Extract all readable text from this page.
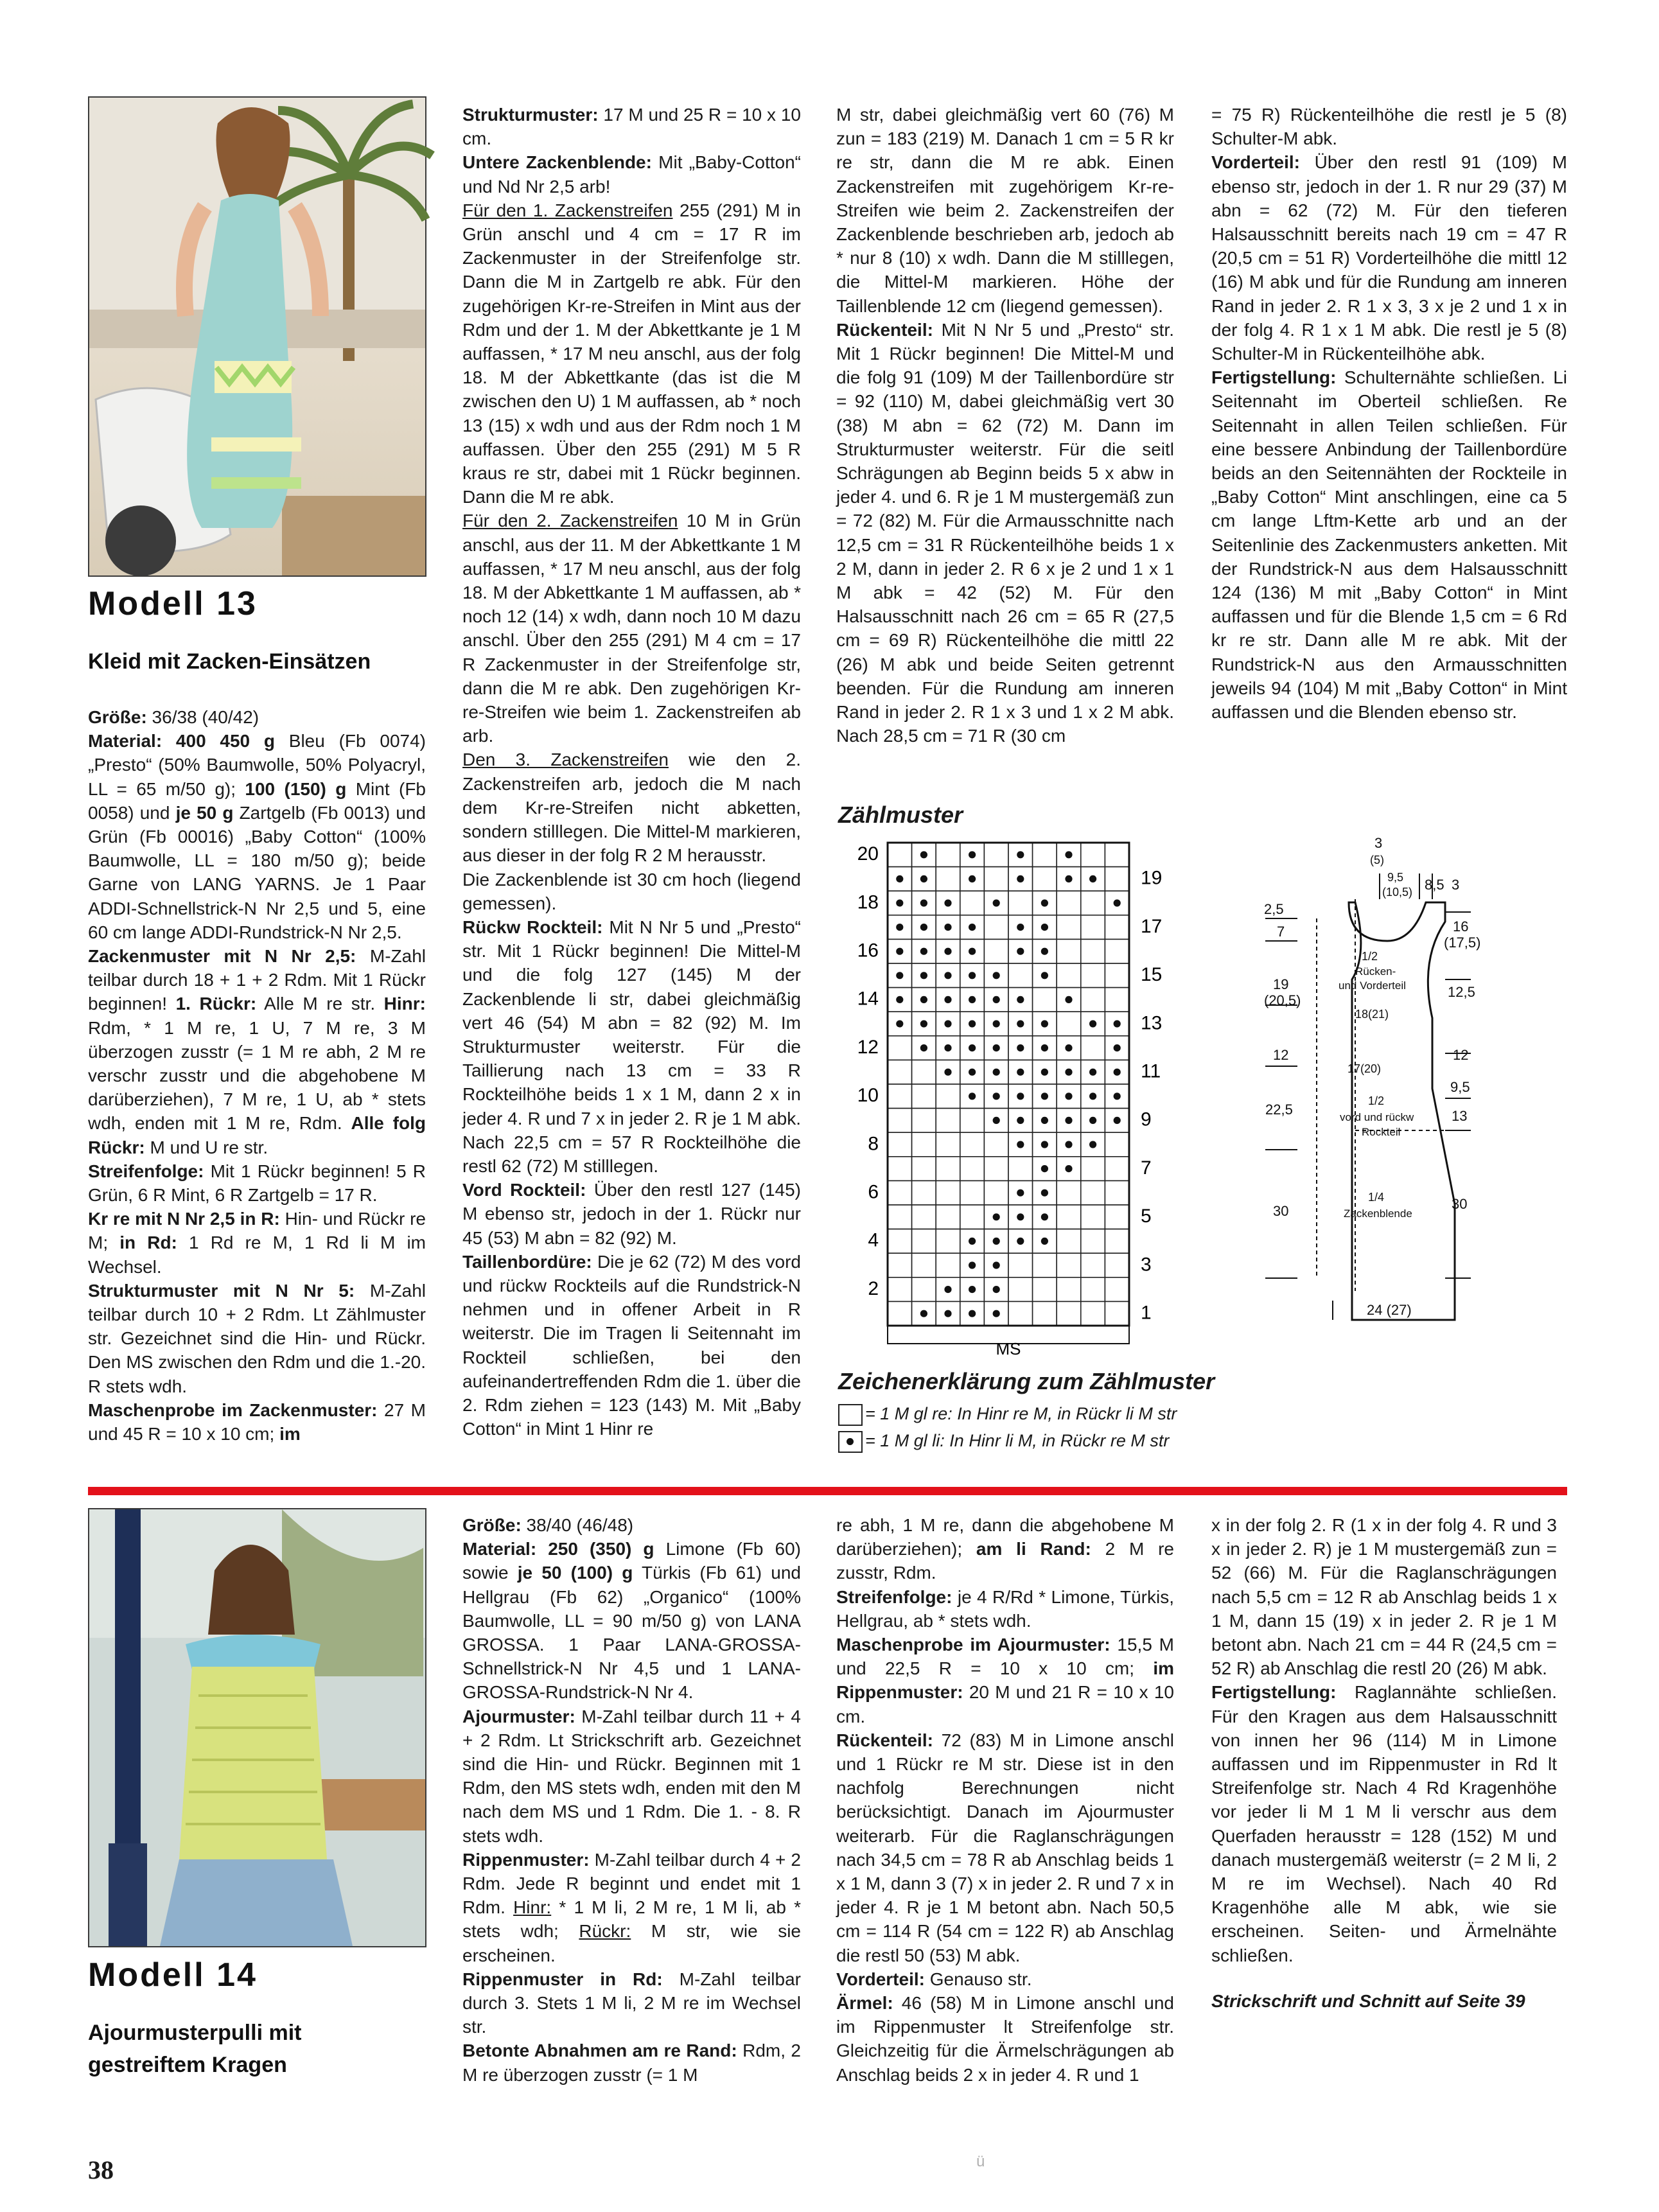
Modell 13
Kleid mit Zacken-Einsätzen

Größe: 36/38 (40/42)

Material: 400 450 g Bleu (Fb 0074) „Presto“ (50% Baumwolle, 50% Polyacryl, LL = 65 m/50 g); 100 (150) g Mint (Fb 0058) und je 50 g Zartgelb (Fb 0013) und Grün (Fb 00016) „Baby Cotton“ (100% Baumwolle, LL = 180 m/50 g); beide Garne von LANG YARNS. Je 1 Paar ADDI-Schnellstrick-N Nr 2,5 und 5, eine 60 cm lange ADDI-Rundstrick-N Nr 2,5.

Zackenmuster mit N Nr 2,5: M-Zahl teilbar durch 18 + 1 + 2 Rdm. Mit 1 Rückr beginnen! 1. Rückr: Alle M re str. Hinr: Rdm, * 1 M re, 1 U, 7 M re, 3 M überzogen zusstr (= 1 M re abh, 2 M re verschr zusstr und die abgehobene M darüberziehen), 7 M re, 1 U, ab * stets wdh, enden mit 1 M re, Rdm. Alle folg Rückr: M und U re str.

Streifenfolge: Mit 1 Rückr beginnen! 5 R Grün, 6 R Mint, 6 R Zartgelb = 17 R.

Kr re mit N Nr 2,5 in R: Hin- und Rückr re M; in Rd: 1 Rd re M, 1 Rd li M im Wechsel.

Strukturmuster mit N Nr 5: M-Zahl teilbar durch 10 + 2 Rdm. Lt Zählmuster str. Gezeichnet sind die Hin- und Rückr. Den MS zwischen den Rdm und die 1.-20. R stets wdh.

Maschenprobe im Zackenmuster: 27 M und 45 R = 10 x 10 cm; im

Strukturmuster: 17 M und 25 R = 10 x 10 cm.

Untere Zackenblende: Mit „Baby-Cotton“ und Nd Nr 2,5 arb!

Für den 1. Zackenstreifen 255 (291) M in Grün anschl und 4 cm = 17 R im Zackenmuster in der Streifenfolge str. Dann die M in Zartgelb re abk. Für den zugehörigen Kr-re-Streifen in Mint aus der Rdm und der 1. M der Abkettkante je 1 M auffassen, * 17 M neu anschl, aus der folg 18. M der Abkettkante (das ist die M zwischen den U) 1 M auffassen, ab * noch 13 (15) x wdh und aus der Rdm noch 1 M auffassen. Über den 255 (291) M 5 R kraus re str, dabei mit 1 Rückr beginnen. Dann die M re abk.

Für den 2. Zackenstreifen 10 M in Grün anschl, aus der 11. M der Abkettkante 1 M auffassen, * 17 M neu anschl, aus der folg 18. M der Abkettkante 1 M auffassen, ab * noch 12 (14) x wdh, dann noch 10 M dazu anschl. Über den 255 (291) M 4 cm = 17 R Zackenmuster in der Streifenfolge str, dann die M re abk. Den zugehörigen Kr-re-Streifen wie beim 1. Zackenstreifen ab arb.

Den 3. Zackenstreifen wie den 2. Zackenstreifen arb, jedoch die M nach dem Kr-re-Streifen nicht abketten, sondern stilllegen. Die Mittel-M markieren, aus dieser in der folg R 2 M herausstr.

Die Zackenblende ist 30 cm hoch (liegend gemessen).

Rückw Rockteil: Mit N Nr 5 und „Presto“ str. Mit 1 Rückr beginnen! Die Mittel-M und die folg 127 (145) M der Zackenblende li str, dabei gleichmäßig vert 46 (54) M abn = 82 (92) M. Im Strukturmuster weiterstr. Für die Taillierung nach 13 cm = 33 R Rockteilhöhe beids 1 x 1 M, dann 2 x in jeder 4. R und 7 x in jeder 2. R je 1 M abk. Nach 22,5 cm = 57 R Rockteilhöhe die restl 62 (72) M stilllegen.

Vord Rockteil: Über den restl 127 (145) M ebenso str, jedoch in der 1. Rückr nur 45 (53) M abn = 82 (92) M.

Taillenbordüre: Die je 62 (72) M des vord und rückw Rockteils auf die Rundstrick-N nehmen und in offener Arbeit in R weiterstr. Die im Tragen li Seitennaht im Rockteil schließen, bei den aufeinandertreffenden Rdm die 1. über die 2. Rdm ziehen = 123 (143) M. Mit „Baby Cotton“ in Mint 1 Hinr re

M str, dabei gleichmäßig vert 60 (76) M zun = 183 (219) M. Danach 1 cm = 5 R kr re str, dann die M re abk. Einen Zackenstreifen mit zugehörigem Kr-re-Streifen wie beim 2. Zackenstreifen der Zackenblende beschrieben arb, jedoch ab * nur 8 (10) x wdh. Dann die M stilllegen, die Mittel-M markieren. Höhe der Taillenblende 12 cm (liegend gemessen).

Rückenteil: Mit N Nr 5 und „Presto“ str. Mit 1 Rückr beginnen! Die Mittel-M und die folg 91 (109) M der Taillenbordüre str = 92 (110) M, dabei gleichmäßig vert 30 (38) M abn = 62 (72) M. Dann im Strukturmuster weiterstr. Für die seitl Schrägungen ab Beginn beids 5 x abw in jeder 4. und 6. R je 1 M mustergemäß zun = 72 (82) M. Für die Armausschnitte nach 12,5 cm = 31 R Rückenteilhöhe beids 1 x 2 M, dann in jeder 2. R 6 x je 2 und 1 x 1 M abk = 42 (52) M. Für den Halsausschnitt nach 26 cm = 65 R (27,5 cm = 69 R) Rückenteilhöhe die mittl 22 (26) M abk und beide Seiten getrennt beenden. Für die Rundung am inneren Rand in jeder 2. R 1 x 3 und 1 x 2 M abk. Nach 28,5 cm = 71 R (30 cm

= 75 R) Rückenteilhöhe die restl je 5 (8) Schulter-M abk.

Vorderteil: Über den restl 91 (109) M ebenso str, jedoch in der 1. R nur 29 (37) M abn = 62 (72) M. Für den tieferen Halsausschnitt bereits nach 19 cm = 47 R (20,5 cm = 51 R) Vorderteilhöhe die mittl 12 (16) M abk und für die Rundung am inneren Rand in jeder 2. R 1 x 3, 3 x je 2 und 1 x in der folg 4. R 1 x 1 M abk. Die restl je 5 (8) Schulter-M in Rückenteilhöhe abk.

Fertigstellung: Schulternähte schließen. Li Seitennaht im Oberteil schließen. Re Seitennaht in allen Teilen schließen. Für eine bessere Anbindung der Taillenbordüre beids an den Seitennähten der Rockteile in „Baby Cotton“ Mint anschlingen, eine ca 5 cm lange Lftm-Kette arb und an der Seitenlinie des Zackenmusters anketten. Mit der Rundstrick-N aus dem Halsausschnitt 124 (136) M mit „Baby Cotton“ in Mint auffassen und für die Blende 1,5 cm = 6 Rd kr re str. Dann alle M re abk. Mit der Rundstrick-N aus den Armausschnitten jeweils 94 (104) M mit „Baby Cotton“ in Mint auffassen und die Blenden ebenso str.

Zählmuster
20
18
16
14
12
10
8
6
4
2
19
17
15
13
11
9
7
5
3
1
MS
Zeichenerklärung zum Zählmuster
= 1 M gl re: In Hinr re M, in Rückr li M str
= 1 M gl li: In Hinr li M, in Rückr re M str
3
(5)
9,5
(10,5) 8,5 3
2,5
7
19
(20,5)
12
22,5
30
16
(17,5)
12,5
12
9,5
13
30
1/2
Rücken-
und Vorderteil
18(21)
17(20)
1/2
vord und rückw
Rockteil
1/4
Zackenblende
24 (27)
Modell 14
Ajourmusterpulli mit
gestreiftem Kragen

Größe: 38/40 (46/48)

Material: 250 (350) g Limone (Fb 60) sowie je 50 (100) g Türkis (Fb 61) und Hellgrau (Fb 62) „Organico“ (100% Baumwolle, LL = 90 m/50 g) von LANA GROSSA. 1 Paar LANA-GROSSA-Schnellstrick-N Nr 4,5 und 1 LANA-GROSSA-Rundstrick-N Nr 4.

Ajourmuster: M-Zahl teilbar durch 11 + 4 + 2 Rdm. Lt Strickschrift arb. Gezeichnet sind die Hin- und Rückr. Beginnen mit 1 Rdm, den MS stets wdh, enden mit den M nach dem MS und 1 Rdm. Die 1. - 8. R stets wdh.

Rippenmuster: M-Zahl teilbar durch 4 + 2 Rdm. Jede R beginnt und endet mit 1 Rdm. Hinr: * 1 M li, 2 M re, 1 M li, ab * stets wdh; Rückr: M str, wie sie erscheinen.

Rippenmuster in Rd: M-Zahl teilbar durch 3. Stets 1 M li, 2 M re im Wechsel str.

Betonte Abnahmen am re Rand: Rdm, 2 M re überzogen zusstr (= 1 M

re abh, 1 M re, dann die abgehobene M darüberziehen); am li Rand: 2 M re zusstr, Rdm.

Streifenfolge: je 4 R/Rd * Limone, Türkis, Hellgrau, ab * stets wdh.

Maschenprobe im Ajourmuster: 15,5 M und 22,5 R = 10 x 10 cm; im Rippenmuster: 20 M und 21 R = 10 x 10 cm.

Rückenteil: 72 (83) M in Limone anschl und 1 Rückr re M str. Diese ist in den nachfolg Berechnungen nicht berücksichtigt. Danach im Ajourmuster weiterarb. Für die Raglanschrägungen nach 34,5 cm = 78 R ab Anschlag beids 1 x 1 M, dann 3 (7) x in jeder 2. R und 7 x in jeder 4. R je 1 M betont abn. Nach 50,5 cm = 114 R (54 cm = 122 R) ab Anschlag die restl 50 (53) M abk.

Vorderteil: Genauso str.

Ärmel: 46 (58) M in Limone anschl und im Rippenmuster lt Streifenfolge str. Gleichzeitig für die Ärmelschrägungen ab Anschlag beids 2 x in jeder 4. R und 1

x in der folg 2. R (1 x in der folg 4. R und 3 x in jeder 2. R) je 1 M mustergemäß zun = 52 (66) M. Für die Raglanschrägungen nach 5,5 cm = 12 R ab Anschlag beids 1 x 1 M, dann 15 (19) x in jeder 2. R je 1 M betont abn. Nach 21 cm = 44 R (24,5 cm = 52 R) ab Anschlag die restl 20 (26) M abk.

Fertigstellung: Raglannähte schließen. Für den Kragen aus dem Halsausschnitt von innen her 96 (114) M in Limone auffassen und im Rippenmuster in Rd lt Streifenfolge str. Nach 4 Rd Kragenhöhe vor jeder li M 1 M li verschr aus dem Querfaden herausstr = 128 (152) M und danach mustergemäß weiterstr (= 2 M li, 2 M re im Wechsel). Nach 40 Rd Kragenhöhe alle M abk, wie sie erscheinen. Seiten- und Ärmelnähte schließen.

Strickschrift und Schnitt auf Seite 39

38	ü
